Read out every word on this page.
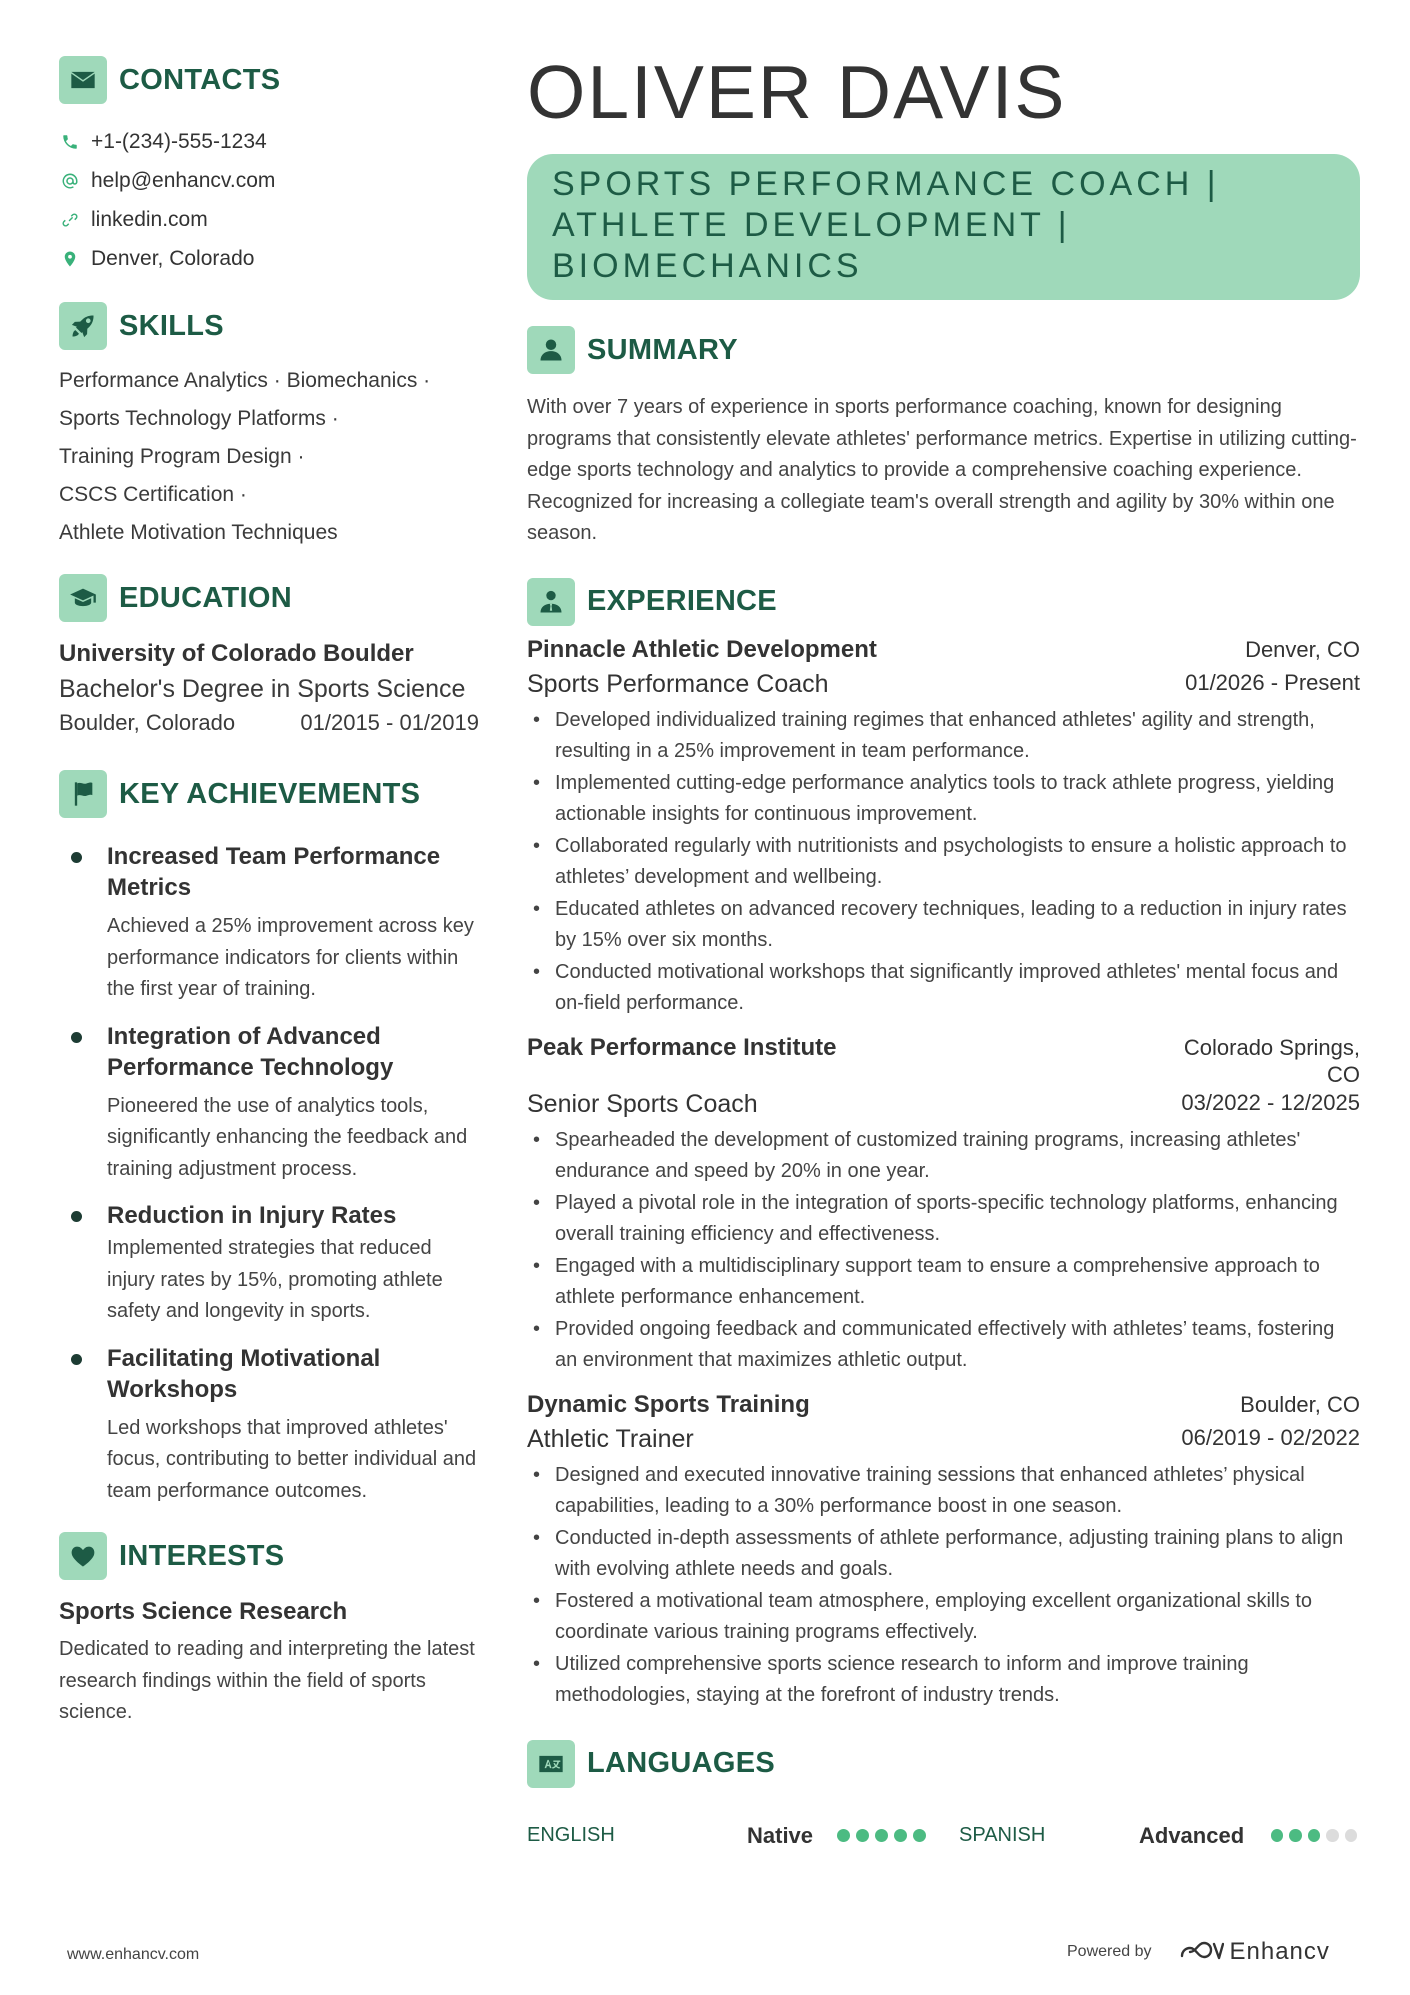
CONTACTS
+1-(234)-555-1234
help@enhancv.com
linkedin.com
Denver, Colorado
SKILLS
Performance Analytics · Biomechanics ·
Sports Technology Platforms ·
Training Program Design ·
CSCS Certification ·
Athlete Motivation Techniques
EDUCATION
University of Colorado Boulder
Bachelor's Degree in Sports Science
Boulder, Colorado	01/2015 - 01/2019
KEY ACHIEVEMENTS
Increased Team Performance Metrics
Achieved a 25% improvement across key performance indicators for clients within the first year of training.
Integration of Advanced Performance Technology
Pioneered the use of analytics tools, significantly enhancing the feedback and training adjustment process.
Reduction in Injury Rates
Implemented strategies that reduced injury rates by 15%, promoting athlete safety and longevity in sports.
Facilitating Motivational Workshops
Led workshops that improved athletes' focus, contributing to better individual and team performance outcomes.
INTERESTS
Sports Science Research
Dedicated to reading and interpreting the latest research findings within the field of sports science.
OLIVER DAVIS
SPORTS PERFORMANCE COACH |
ATHLETE DEVELOPMENT |
BIOMECHANICS
SUMMARY
With over 7 years of experience in sports performance coaching, known for designing programs that consistently elevate athletes' performance metrics. Expertise in utilizing cutting-edge sports technology and analytics to provide a comprehensive coaching experience. Recognized for increasing a collegiate team's overall strength and agility by 30% within one season.
EXPERIENCE
Pinnacle Athletic Development	Denver, CO
Sports Performance Coach	01/2026 - Present
• Developed individualized training regimes that enhanced athletes' agility and strength, resulting in a 25% improvement in team performance.
• Implemented cutting-edge performance analytics tools to track athlete progress, yielding actionable insights for continuous improvement.
• Collaborated regularly with nutritionists and psychologists to ensure a holistic approach to athletes’ development and wellbeing.
• Educated athletes on advanced recovery techniques, leading to a reduction in injury rates by 15% over six months.
• Conducted motivational workshops that significantly improved athletes' mental focus and on-field performance.
Peak Performance Institute	Colorado Springs, CO
Senior Sports Coach	03/2022 - 12/2025
• Spearheaded the development of customized training programs, increasing athletes' endurance and speed by 20% in one year.
• Played a pivotal role in the integration of sports-specific technology platforms, enhancing overall training efficiency and effectiveness.
• Engaged with a multidisciplinary support team to ensure a comprehensive approach to athlete performance enhancement.
• Provided ongoing feedback and communicated effectively with athletes’ teams, fostering an environment that maximizes athletic output.
Dynamic Sports Training	Boulder, CO
Athletic Trainer	06/2019 - 02/2022
• Designed and executed innovative training sessions that enhanced athletes’ physical capabilities, leading to a 30% performance boost in one season.
• Conducted in-depth assessments of athlete performance, adjusting training plans to align with evolving athlete needs and goals.
• Fostered a motivational team atmosphere, employing excellent organizational skills to coordinate various training programs effectively.
• Utilized comprehensive sports science research to inform and improve training methodologies, staying at the forefront of industry trends.
LANGUAGES
ENGLISH	Native	SPANISH	Advanced
www.enhancv.com	Powered by	Enhancv
